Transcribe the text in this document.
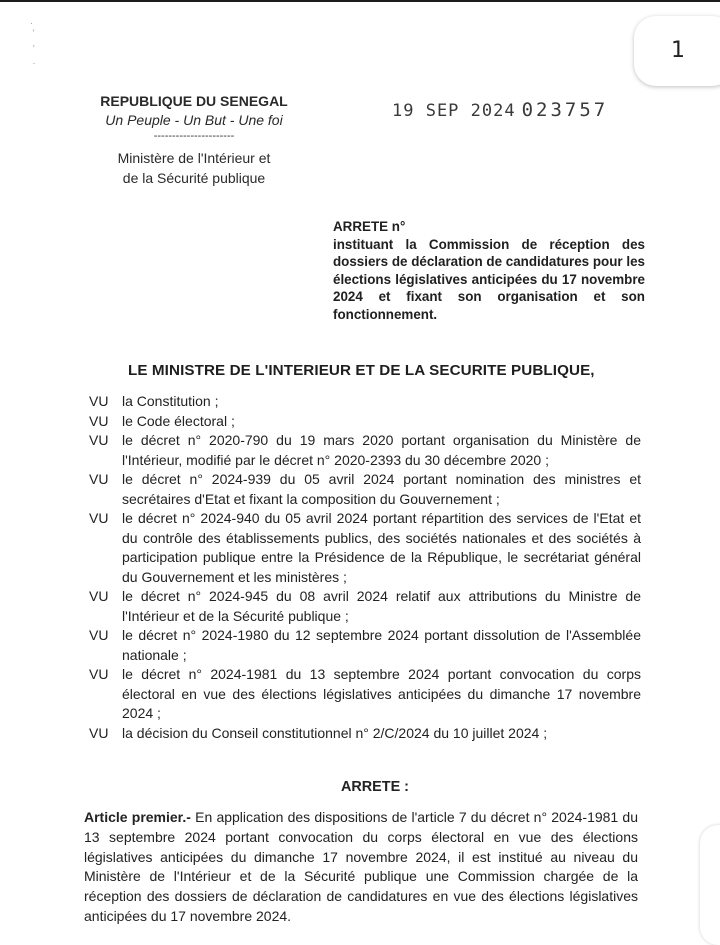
·
'
,

·	1
REPUBLIQUE DU SENEGAL
Un Peuple - Un But - Une foi
----------------------
Ministère de l'Intérieur et
de la Sécurité publique
19 SEP 2024 023757
ARRETE n°
instituant la Commission de réception des dossiers de déclaration de candidatures pour les élections législatives anticipées du 17 novembre 2024 et fixant son organisation et son fonctionnement.
LE MINISTRE DE L'INTERIEUR ET DE LA SECURITE PUBLIQUE,
VU la Constitution ;
VU le Code électoral ;
VU le décret n° 2020-790 du 19 mars 2020 portant organisation du Ministère de l'Intérieur, modifié par le décret n° 2020-2393 du 30 décembre 2020 ;
VU le décret n° 2024-939 du 05 avril 2024 portant nomination des ministres et secrétaires d'Etat et fixant la composition du Gouvernement ;
VU le décret n° 2024-940 du 05 avril 2024 portant répartition des services de l'Etat et du contrôle des établissements publics, des sociétés nationales et des sociétés à participation publique entre la Présidence de la République, le secrétariat général du Gouvernement et les ministères ;
VU le décret n° 2024-945 du 08 avril 2024 relatif aux attributions du Ministre de l'Intérieur et de la Sécurité publique ;
VU le décret n° 2024-1980 du 12 septembre 2024 portant dissolution de l'Assemblée nationale ;
VU le décret n° 2024-1981 du 13 septembre 2024 portant convocation du corps électoral en vue des élections législatives anticipées du dimanche 17 novembre 2024 ;
VU la décision du Conseil constitutionnel n° 2/C/2024 du 10 juillet 2024 ;
ARRETE :
Article premier.- En application des dispositions de l'article 7 du décret n° 2024-1981 du 13 septembre 2024 portant convocation du corps électoral en vue des élections législatives anticipées du dimanche 17 novembre 2024, il est institué au niveau du Ministère de l'Intérieur et de la Sécurité publique une Commission chargée de la réception des dossiers de déclaration de candidatures en vue des élections législatives anticipées du 17 novembre 2024.
